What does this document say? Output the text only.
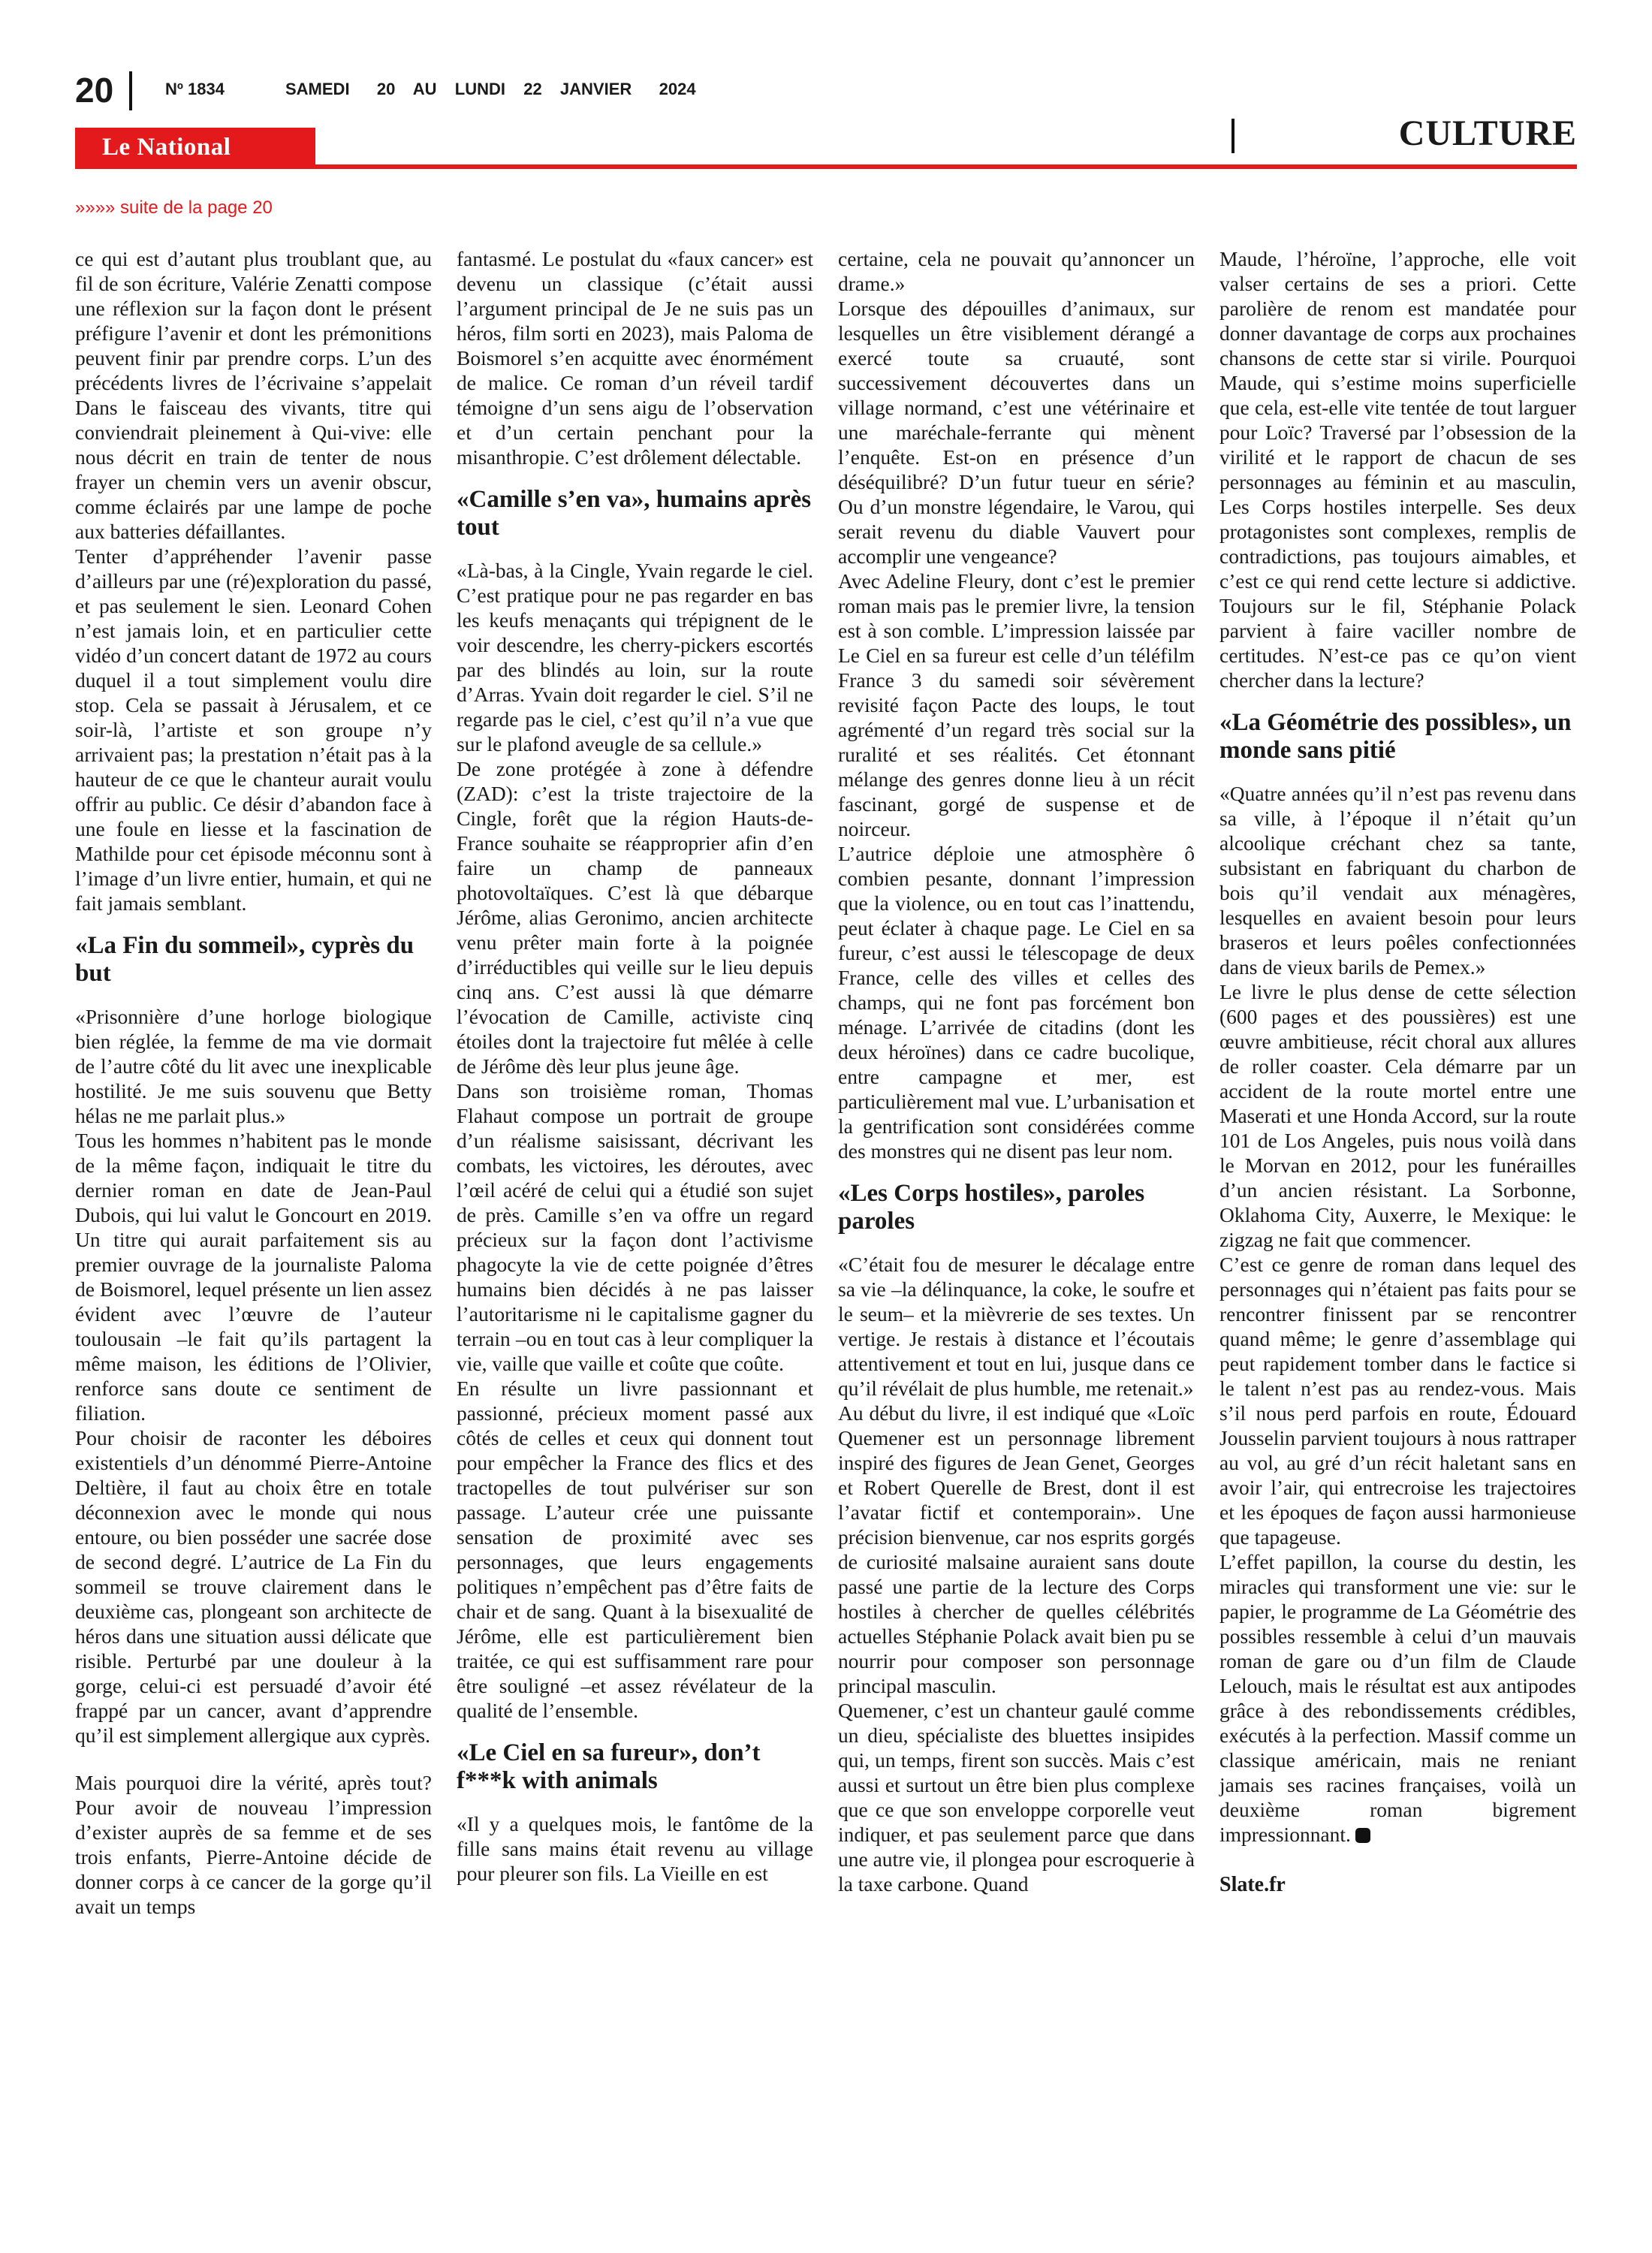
20	Nº 1834	SAMEDI   20  AU  LUNDI  22  JANVIER   2024
CULTURE
Le National
»»»» suite de la page 20

ce qui est d’autant plus troublant que, au fil de son écriture, Valérie Zenatti compose une réflexion sur la façon dont le présent préfigure l’avenir et dont les prémonitions peuvent finir par prendre corps. L’un des précédents livres de l’écrivaine s’appelait Dans le faisceau des vivants, titre qui conviendrait pleinement à Qui-vive: elle nous décrit en train de tenter de nous frayer un chemin vers un avenir obscur, comme éclairés par une lampe de poche aux batteries défaillantes.

Tenter d’appréhender l’avenir passe d’ailleurs par une (ré)exploration du passé, et pas seulement le sien. Leonard Cohen n’est jamais loin, et en particulier cette vidéo d’un concert datant de 1972 au cours duquel il a tout simplement voulu dire stop. Cela se passait à Jérusalem, et ce soir-là, l’artiste et son groupe n’y arrivaient pas; la prestation n’était pas à la hauteur de ce que le chanteur aurait voulu offrir au public. Ce désir d’abandon face à une foule en liesse et la fascination de Mathilde pour cet épisode méconnu sont à l’image d’un livre entier, humain, et qui ne fait jamais semblant.

«La Fin du sommeil», cyprès du but

«Prisonnière d’une horloge biologique bien réglée, la femme de ma vie dormait de l’autre côté du lit avec une inexplicable hostilité. Je me suis souvenu que Betty hélas ne me parlait plus.»

Tous les hommes n’habitent pas le monde de la même façon, indiquait le titre du dernier roman en date de Jean-Paul Dubois, qui lui valut le Goncourt en 2019. Un titre qui aurait parfaitement sis au premier ouvrage de la journaliste Paloma de Boismorel, lequel présente un lien assez évident avec l’œuvre de l’auteur toulousain –le fait qu’ils partagent la même maison, les éditions de l’Olivier, renforce sans doute ce sentiment de filiation.

Pour choisir de raconter les déboires existentiels d’un dénommé Pierre-Antoine Deltière, il faut au choix être en totale déconnexion avec le monde qui nous entoure, ou bien posséder une sacrée dose de second degré. L’autrice de La Fin du sommeil se trouve clairement dans le deuxième cas, plongeant son architecte de héros dans une situation aussi délicate que risible. Perturbé par une douleur à la gorge, celui-ci est persuadé d’avoir été frappé par un cancer, avant d’apprendre qu’il est simplement allergique aux cyprès.

Mais pourquoi dire la vérité, après tout? Pour avoir de nouveau l’impression d’exister auprès de sa femme et de ses trois enfants, Pierre-Antoine décide de donner corps à ce cancer de la gorge qu’il avait un temps

fantasmé. Le postulat du «faux cancer» est devenu un classique (c’était aussi l’argument principal de Je ne suis pas un héros, film sorti en 2023), mais Paloma de Boismorel s’en acquitte avec énormément de malice. Ce roman d’un réveil tardif témoigne d’un sens aigu de l’observation et d’un certain penchant pour la misanthropie. C’est drôlement délectable.

«Camille s’en va», humains après tout

«Là-bas, à la Cingle, Yvain regarde le ciel. C’est pratique pour ne pas regarder en bas les keufs menaçants qui trépignent de le voir descendre, les cherry-pickers escortés par des blindés au loin, sur la route d’Arras. Yvain doit regarder le ciel. S’il ne regarde pas le ciel, c’est qu’il n’a vue que sur le plafond aveugle de sa cellule.»

De zone protégée à zone à défendre (ZAD): c’est la triste trajectoire de la Cingle, forêt que la région Hauts-de-France souhaite se réapproprier afin d’en faire un champ de panneaux photovoltaïques. C’est là que débarque Jérôme, alias Geronimo, ancien architecte venu prêter main forte à la poignée d’irréductibles qui veille sur le lieu depuis cinq ans. C’est aussi là que démarre l’évocation de Camille, activiste cinq étoiles dont la trajectoire fut mêlée à celle de Jérôme dès leur plus jeune âge.

Dans son troisième roman, Thomas Flahaut compose un portrait de groupe d’un réalisme saisissant, décrivant les combats, les victoires, les déroutes, avec l’œil acéré de celui qui a étudié son sujet de près. Camille s’en va offre un regard précieux sur la façon dont l’activisme phagocyte la vie de cette poignée d’êtres humains bien décidés à ne pas laisser l’autoritarisme ni le capitalisme gagner du terrain –ou en tout cas à leur compliquer la vie, vaille que vaille et coûte que coûte.

En résulte un livre passionnant et passionné, précieux moment passé aux côtés de celles et ceux qui donnent tout pour empêcher la France des flics et des tractopelles de tout pulvériser sur son passage. L’auteur crée une puissante sensation de proximité avec ses personnages, que leurs engagements politiques n’empêchent pas d’être faits de chair et de sang. Quant à la bisexualité de Jérôme, elle est particulièrement bien traitée, ce qui est suffisamment rare pour être souligné –et assez révélateur de la qualité de l’ensemble.

«Le Ciel en sa fureur», don’t f***k with animals

«Il y a quelques mois, le fantôme de la fille sans mains était revenu au village pour pleurer son fils. La Vieille en est

certaine, cela ne pouvait qu’annoncer un drame.»

Lorsque des dépouilles d’animaux, sur lesquelles un être visiblement dérangé a exercé toute sa cruauté, sont successivement découvertes dans un village normand, c’est une vétérinaire et une maréchale-ferrante qui mènent l’enquête. Est-on en présence d’un déséquilibré? D’un futur tueur en série? Ou d’un monstre légendaire, le Varou, qui serait revenu du diable Vauvert pour accomplir une vengeance?

Avec Adeline Fleury, dont c’est le premier roman mais pas le premier livre, la tension est à son comble. L’impression laissée par Le Ciel en sa fureur est celle d’un téléfilm France 3 du samedi soir sévèrement revisité façon Pacte des loups, le tout agrémenté d’un regard très social sur la ruralité et ses réalités. Cet étonnant mélange des genres donne lieu à un récit fascinant, gorgé de suspense et de noirceur.

L’autrice déploie une atmosphère ô combien pesante, donnant l’impression que la violence, ou en tout cas l’inattendu, peut éclater à chaque page. Le Ciel en sa fureur, c’est aussi le télescopage de deux France, celle des villes et celles des champs, qui ne font pas forcément bon ménage. L’arrivée de citadins (dont les deux héroïnes) dans ce cadre bucolique, entre campagne et mer, est particulièrement mal vue. L’urbanisation et la gentrification sont considérées comme des monstres qui ne disent pas leur nom.

«Les Corps hostiles», paroles paroles

«C’était fou de mesurer le décalage entre sa vie –la délinquance, la coke, le soufre et le seum– et la mièvrerie de ses textes. Un vertige. Je restais à distance et l’écoutais attentivement et tout en lui, jusque dans ce qu’il révélait de plus humble, me retenait.»

Au début du livre, il est indiqué que «Loïc Quemener est un personnage librement inspiré des figures de Jean Genet, Georges et Robert Querelle de Brest, dont il est l’avatar fictif et contemporain». Une précision bienvenue, car nos esprits gorgés de curiosité malsaine auraient sans doute passé une partie de la lecture des Corps hostiles à chercher de quelles célébrités actuelles Stéphanie Polack avait bien pu se nourrir pour composer son personnage principal masculin.

Quemener, c’est un chanteur gaulé comme un dieu, spécialiste des bluettes insipides qui, un temps, firent son succès. Mais c’est aussi et surtout un être bien plus complexe que ce que son enveloppe corporelle veut indiquer, et pas seulement parce que dans une autre vie, il plongea pour escroquerie à la taxe carbone. Quand

Maude, l’héroïne, l’approche, elle voit valser certains de ses a priori. Cette parolière de renom est mandatée pour donner davantage de corps aux prochaines chansons de cette star si virile. Pourquoi Maude, qui s’estime moins superficielle que cela, est-elle vite tentée de tout larguer pour Loïc? Traversé par l’obsession de la virilité et le rapport de chacun de ses personnages au féminin et au masculin, Les Corps hostiles interpelle. Ses deux protagonistes sont complexes, remplis de contradictions, pas toujours aimables, et c’est ce qui rend cette lecture si addictive. Toujours sur le fil, Stéphanie Polack parvient à faire vaciller nombre de certitudes. N’est-ce pas ce qu’on vient chercher dans la lecture?

«La Géométrie des possibles», un monde sans pitié

«Quatre années qu’il n’est pas revenu dans sa ville, à l’époque il n’était qu’un alcoolique créchant chez sa tante, subsistant en fabriquant du charbon de bois qu’il vendait aux ménagères, lesquelles en avaient besoin pour leurs braseros et leurs poêles confectionnées dans de vieux barils de Pemex.»

Le livre le plus dense de cette sélection (600 pages et des poussières) est une œuvre ambitieuse, récit choral aux allures de roller coaster. Cela démarre par un accident de la route mortel entre une Maserati et une Honda Accord, sur la route 101 de Los Angeles, puis nous voilà dans le Morvan en 2012, pour les funérailles d’un ancien résistant. La Sorbonne, Oklahoma City, Auxerre, le Mexique: le zigzag ne fait que commencer.

C’est ce genre de roman dans lequel des personnages qui n’étaient pas faits pour se rencontrer finissent par se rencontrer quand même; le genre d’assemblage qui peut rapidement tomber dans le factice si le talent n’est pas au rendez-vous. Mais s’il nous perd parfois en route, Édouard Jousselin parvient toujours à nous rattraper au vol, au gré d’un récit haletant sans en avoir l’air, qui entrecroise les trajectoires et les époques de façon aussi harmonieuse que tapageuse.

L’effet papillon, la course du destin, les miracles qui transforment une vie: sur le papier, le programme de La Géométrie des possibles ressemble à celui d’un mauvais roman de gare ou d’un film de Claude Lelouch, mais le résultat est aux antipodes grâce à des rebondissements crédibles, exécutés à la perfection. Massif comme un classique américain, mais ne reniant jamais ses racines françaises, voilà un deuxième roman bigrement impressionnant.

Slate.fr
